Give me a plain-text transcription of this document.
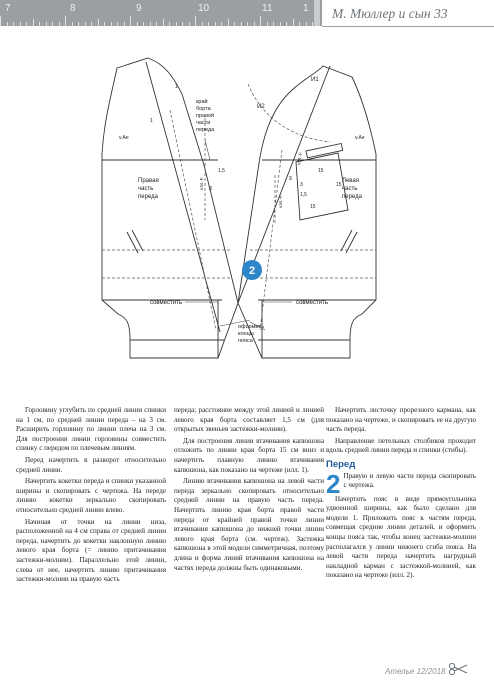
7	8	9	10	11	1 М. Мюллер и сын 33
Правая часть переда
Левая часть переда
край борта правой части переда
совместить	совместить
оформить концы пояса
И1
И2
v.Ae	v.Ae
v.M.-F.
v.M.-F.
M
M
v.M.-F.
1
1
1,5	15
1,5
3
15
15
2

Горловину углубить по средней линии спинки на 1 см, по средней линии переда – на 3 см. Расширить горловину по линии плеча на 3 см. Для построения линии горловины совместить спинку с передом по плечевым линиям.

Перед начертить в разворот относительно средней линии.

Начертить кокетки переда и спинки указанной ширины и скопировать с чертежа. На переде линию кокетки зеркально скопировать относительно средней линии влево.

Начиная от точки на линии низа, расположенной на 4 см справа от средней линии переда, начертить до кокетки наклонную линию левого края борта (= линию притачивания застежки-молнии). Параллельно этой линии, слева от нее, начертить линию притачивания застежки-молнии на правую часть

переда; расстояние между этой линией и линией левого края борта составляет 1,5 см (для открытых звеньев застежки-молнии).

Для построения линии втачивания капюшона отложить по линии края борта 15 см вниз и начертить плавную линию втачивания капюшона, как показано на чертеже (илл. 1).

Линию втачивания капюшона на левой части переда зеркально скопировать относительно средней линии на правую часть переда. Начертить линию края борта правой части переда от крайней правой точки линии втачивания капюшона до нижней точки линии левого края борта (см. чертеж). Застежка капюшона в этой модели симметричная, поэтому длина и форма линий втачивания капюшона на частях переда должны быть одинаковыми.

Начертить листочку прорезного кармана, как показано на чертеже, и скопировать ее на другую часть переда.

Направление петельных столбиков проходит вдоль средней линии переда и спинки (стибы).

Перед

2 Правую и левую части переда скопировать с чертежа.

Начертить пояс в виде прямоугольника удвоенной ширины, как было сделано для модели 1. Приложить пояс к частям переда, совмещая средние линии деталей, и оформить концы пояса так, чтобы конец застежки-молнии располагался у линии нижнего сгиба пояса. На левой части переда начертить нагрудный накладной карман с застежкой-молнией, как показано на чертеже (илл. 2).

Ателье 12/2018
